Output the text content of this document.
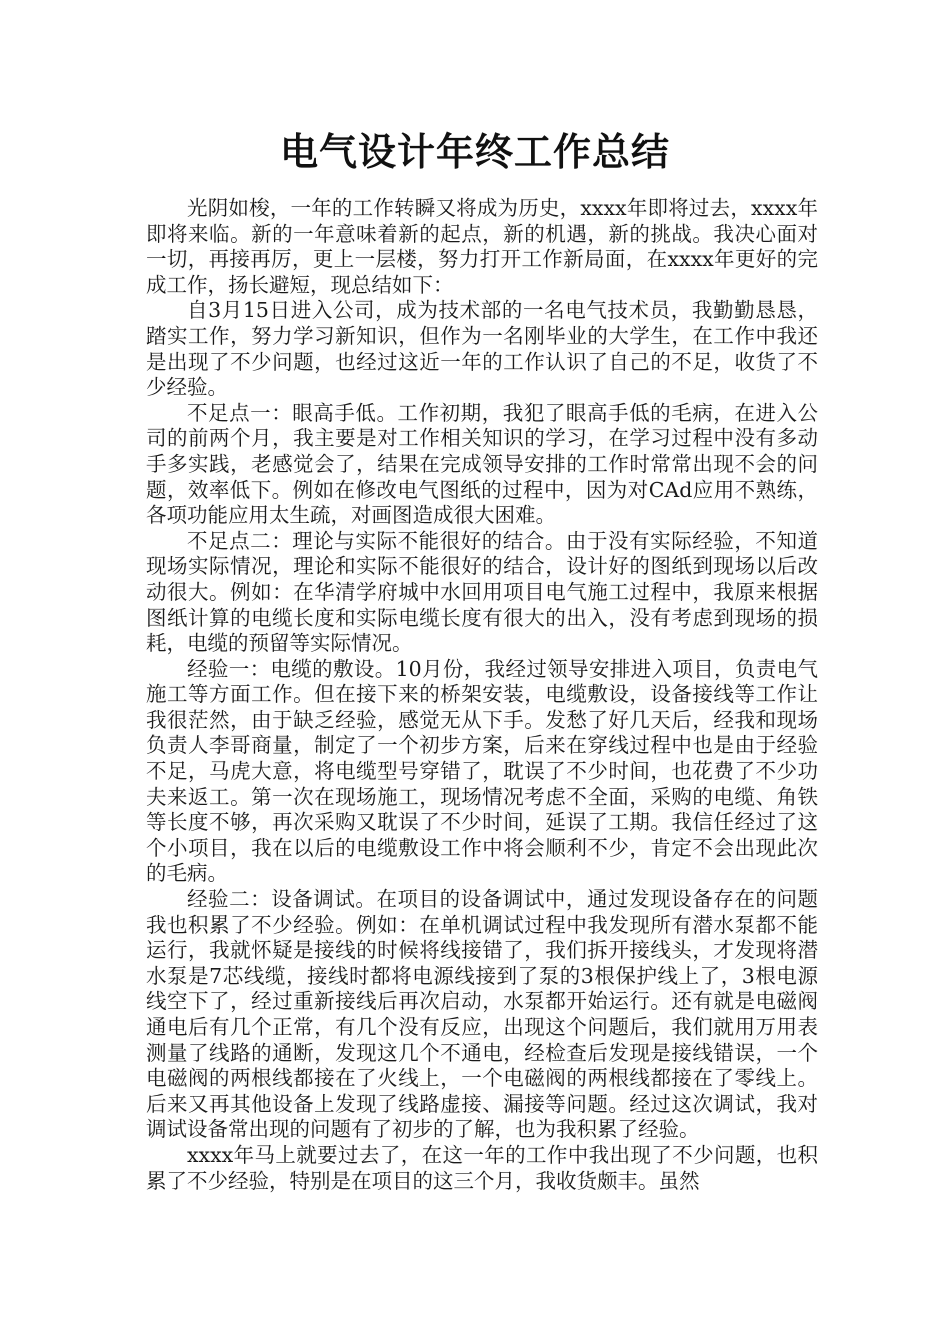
电气设计年终工作总结

光阴如梭，一年的工作转瞬又将成为历史，xxxx年即将过去，xxxx年即将来临。新的一年意味着新的起点，新的机遇，新的挑战。我决心面对一切，再接再厉，更上一层楼，努力打开工作新局面，在xxxx年更好的完成工作，扬长避短，现总结如下：

自3月15日进入公司，成为技术部的一名电气技术员，我勤勤恳恳，踏实工作，努力学习新知识，但作为一名刚毕业的大学生，在工作中我还是出现了不少问题，也经过这近一年的工作认识了自己的不足，收货了不少经验。

不足点一：眼高手低。工作初期，我犯了眼高手低的毛病，在进入公司的前两个月，我主要是对工作相关知识的学习，在学习过程中没有多动手多实践，老感觉会了，结果在完成领导安排的工作时常常出现不会的问题，效率低下。例如在修改电气图纸的过程中，因为对CAd应用不熟练，各项功能应用太生疏，对画图造成很大困难。

不足点二：理论与实际不能很好的结合。由于没有实际经验，不知道现场实际情况，理论和实际不能很好的结合，设计好的图纸到现场以后改动很大。例如：在华清学府城中水回用项目电气施工过程中，我原来根据图纸计算的电缆长度和实际电缆长度有很大的出入，没有考虑到现场的损耗，电缆的预留等实际情况。

经验一：电缆的敷设。10月份，我经过领导安排进入项目，负责电气施工等方面工作。但在接下来的桥架安装，电缆敷设，设备接线等工作让我很茫然，由于缺乏经验，感觉无从下手。发愁了好几天后，经我和现场负责人李哥商量，制定了一个初步方案，后来在穿线过程中也是由于经验不足，马虎大意，将电缆型号穿错了，耽误了不少时间，也花费了不少功夫来返工。第一次在现场施工，现场情况考虑不全面，采购的电缆、角铁等长度不够，再次采购又耽误了不少时间，延误了工期。我信任经过了这个小项目，我在以后的电缆敷设工作中将会顺利不少，肯定不会出现此次的毛病。

经验二：设备调试。在项目的设备调试中，通过发现设备存在的问题我也积累了不少经验。例如：在单机调试过程中我发现所有潜水泵都不能运行，我就怀疑是接线的时候将线接错了，我们拆开接线头，才发现将潜水泵是7芯线缆，接线时都将电源线接到了泵的3根保护线上了，3根电源线空下了，经过重新接线后再次启动，水泵都开始运行。还有就是电磁阀通电后有几个正常，有几个没有反应，出现这个问题后，我们就用万用表测量了线路的通断，发现这几个不通电，经检查后发现是接线错误，一个电磁阀的两根线都接在了火线上，一个电磁阀的两根线都接在了零线上。后来又再其他设备上发现了线路虚接、漏接等问题。经过这次调试，我对调试设备常出现的问题有了初步的了解，也为我积累了经验。

xxxx年马上就要过去了，在这一年的工作中我出现了不少问题，也积累了不少经验，特别是在项目的这三个月，我收货颇丰。虽然
